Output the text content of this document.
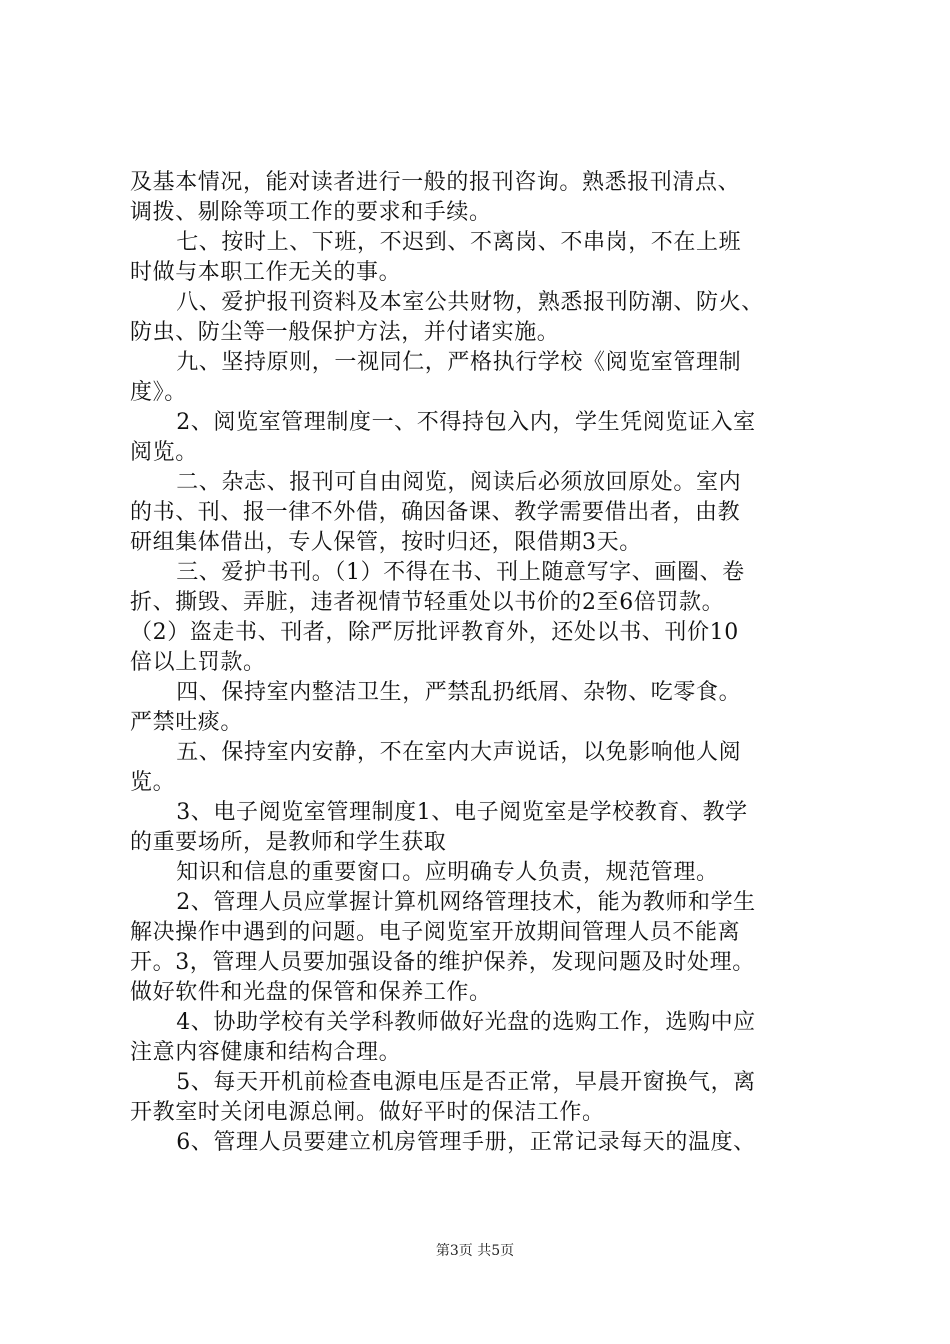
及基本情况，能对读者进行一般的报刊咨询。熟悉报刊清点、
调拨、剔除等项工作的要求和手续。
七、按时上、下班，不迟到、不离岗、不串岗，不在上班
时做与本职工作无关的事。
八、爱护报刊资料及本室公共财物，熟悉报刊防潮、防火、
防虫、防尘等一般保护方法，并付诸实施。
九、坚持原则，一视同仁，严格执行学校《阅览室管理制
度》。
2、阅览室管理制度一、不得持包入内，学生凭阅览证入室
阅览。
二、杂志、报刊可自由阅览，阅读后必须放回原处。室内
的书、刊、报一律不外借，确因备课、教学需要借出者，由教
研组集体借出，专人保管，按时归还，限借期3天。
三、爱护书刊。（1）不得在书、刊上随意写字、画圈、卷
折、撕毁、弄脏，违者视情节轻重处以书价的2至6倍罚款。
（2）盗走书、刊者，除严厉批评教育外，还处以书、刊价10
倍以上罚款。
四、保持室内整洁卫生，严禁乱扔纸屑、杂物、吃零食。
严禁吐痰。
五、保持室内安静，不在室内大声说话，以免影响他人阅
览。
3、电子阅览室管理制度1、电子阅览室是学校教育、教学
的重要场所，是教师和学生获取
知识和信息的重要窗口。应明确专人负责，规范管理。
2、管理人员应掌握计算机网络管理技术，能为教师和学生
解决操作中遇到的问题。电子阅览室开放期间管理人员不能离
开。3，管理人员要加强设备的维护保养，发现问题及时处理。
做好软件和光盘的保管和保养工作。
4、协助学校有关学科教师做好光盘的选购工作，选购中应
注意内容健康和结构合理。
5、每天开机前检查电源电压是否正常，早晨开窗换气，离
开教室时关闭电源总闸。做好平时的保洁工作。
6、管理人员要建立机房管理手册，正常记录每天的温度、
第3页 共5页
